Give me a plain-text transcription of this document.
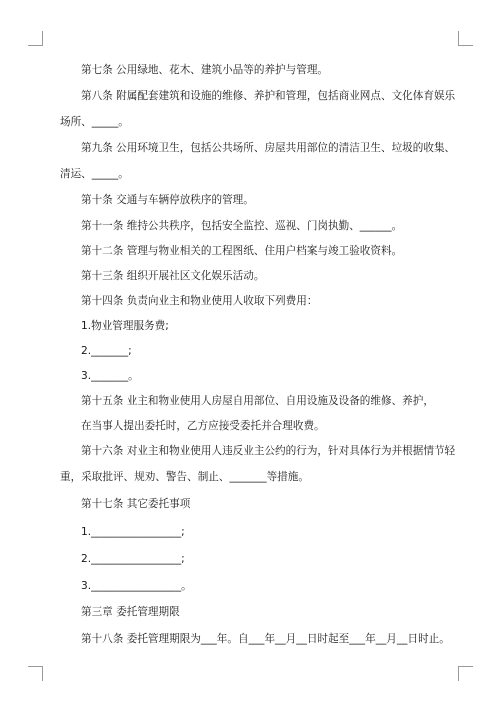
第七条 公用绿地、花木、建筑小品等的养护与管理。
第八条 附属配套建筑和设施的维修、养护和管理，包括商业网点、文化体育娱乐
场所、_____。
第九条 公用环境卫生，包括公共场所、房屋共用部位的清洁卫生、垃圾的收集、
清运、_____。
第十条 交通与车辆停放秩序的管理。
第十一条 维持公共秩序，包括安全监控、巡视、门岗执勤、______。
第十二条 管理与物业相关的工程图纸、住用户档案与竣工验收资料。
第十三条 组织开展社区文化娱乐活动。
第十四条 负责向业主和物业使用人收取下列费用：
1.物业管理服务费;
2._______;
3._______。
第十五条 业主和物业使用人房屋自用部位、自用设施及设备的维修、养护，
在当事人提出委托时，乙方应接受委托并合理收费。
第十六条 对业主和物业使用人违反业主公约的行为，针对具体行为并根据情节轻
重，采取批评、规劝、警告、制止、_______等措施。
第十七条 其它委托事项
1._________________;
2._________________;
3._________________。
第三章 委托管理期限
第十八条 委托管理期限为___年。自___年__月__日时起至___年__月__日时止。
